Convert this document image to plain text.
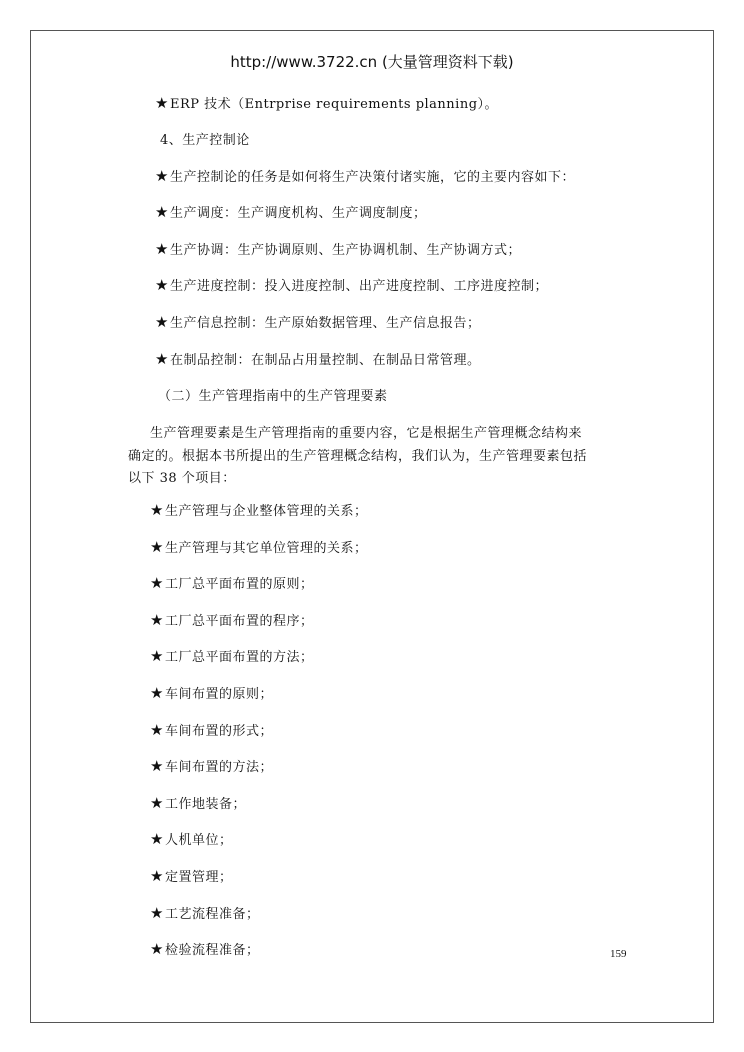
http://www.3722.cn (大量管理资料下载)
★ERP 技术（Entrprise requirements planning）。
4、生产控制论
★生产控制论的任务是如何将生产决策付诸实施，它的主要内容如下：
★生产调度：生产调度机构、生产调度制度；
★生产协调：生产协调原则、生产协调机制、生产协调方式；
★生产进度控制：投入进度控制、出产进度控制、工序进度控制；
★生产信息控制：生产原始数据管理、生产信息报告；
★在制品控制：在制品占用量控制、在制品日常管理。
（二）生产管理指南中的生产管理要素
生产管理要素是生产管理指南的重要内容，它是根据生产管理概念结构来
确定的。根据本书所提出的生产管理概念结构，我们认为，生产管理要素包括
以下 38 个项目：
★生产管理与企业整体管理的关系；
★生产管理与其它单位管理的关系；
★工厂总平面布置的原则；
★工厂总平面布置的程序；
★工厂总平面布置的方法；
★车间布置的原则；
★车间布置的形式；
★车间布置的方法；
★工作地装备；
★人机单位；
★定置管理；
★工艺流程准备；
★检验流程准备；	159
